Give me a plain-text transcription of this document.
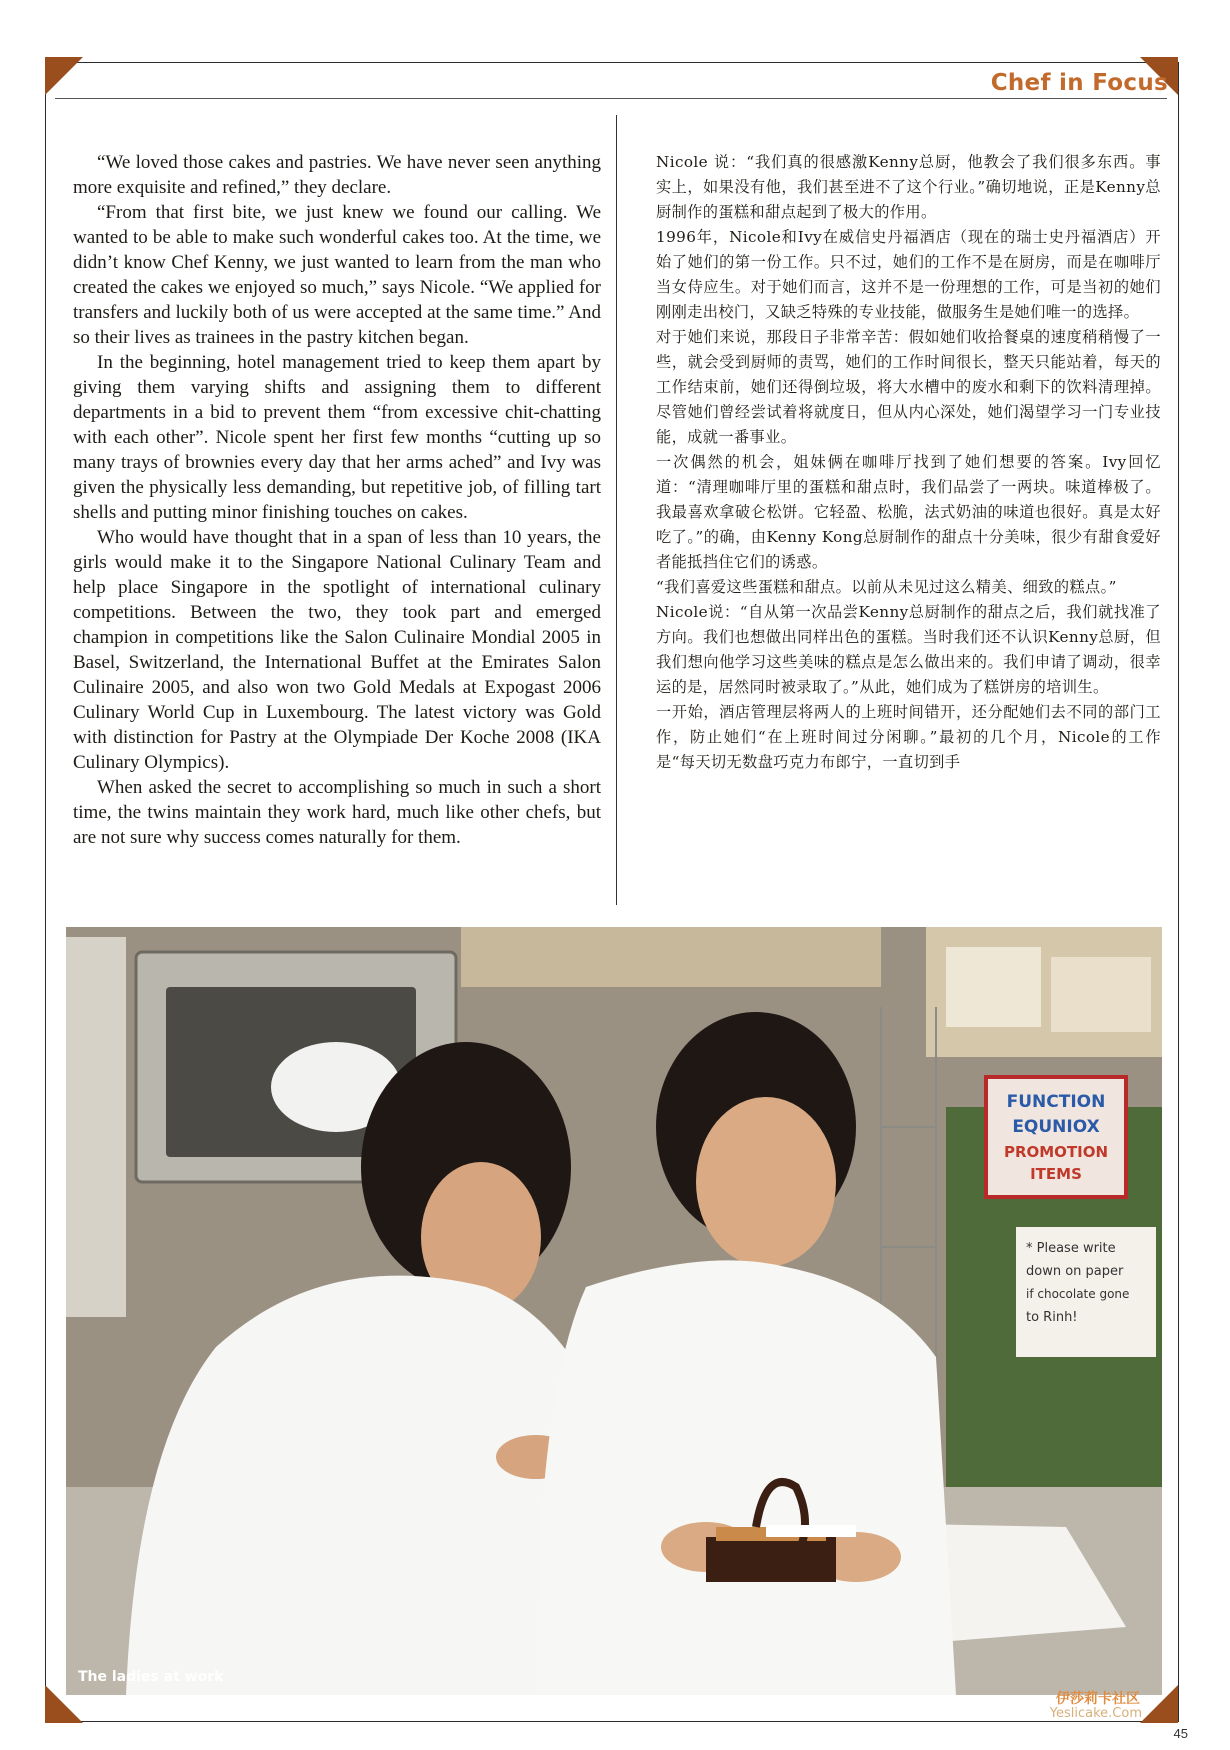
Chef in Focus

“We loved those cakes and pastries. We have never seen anything more exquisite and refined,” they declare.

“From that first bite, we just knew we found our calling. We wanted to be able to make such wonderful cakes too. At the time, we didn’t know Chef Kenny, we just wanted to learn from the man who created the cakes we enjoyed so much,” says Nicole. “We applied for transfers and luckily both of us were accepted at the same time.” And so their lives as trainees in the pastry kitchen began.

In the beginning, hotel management tried to keep them apart by giving them varying shifts and assigning them to different departments in a bid to prevent them “from excessive chit-chatting with each other”. Nicole spent her first few months “cutting up so many trays of brownies every day that her arms ached” and Ivy was given the physically less demanding, but repetitive job, of filling tart shells and putting minor finishing touches on cakes.

Who would have thought that in a span of less than 10 years, the girls would make it to the Singapore National Culinary Team and help place Singapore in the spotlight of international culinary competitions. Between the two, they took part and emerged champion in competitions like the Salon Culinaire Mondial 2005 in Basel, Switzerland, the International Buffet at the Emirates Salon Culinaire 2005, and also won two Gold Medals at Expogast 2006 Culinary World Cup in Luxembourg. The latest victory was Gold with distinction for Pastry at the Olympiade Der Koche 2008 (IKA Culinary Olympics).

When asked the secret to accomplishing so much in such a short time, the twins maintain they work hard, much like other chefs, but are not sure why success comes naturally for them.

Nicole 说：“我们真的很感激Kenny总厨，他教会了我们很多东西。事实上，如果没有他，我们甚至进不了这个行业。”确切地说，正是Kenny总厨制作的蛋糕和甜点起到了极大的作用。

1996年，Nicole和Ivy在威信史丹福酒店（现在的瑞士史丹福酒店）开始了她们的第一份工作。只不过，她们的工作不是在厨房，而是在咖啡厅当女侍应生。对于她们而言，这并不是一份理想的工作，可是当初的她们刚刚走出校门，又缺乏特殊的专业技能，做服务生是她们唯一的选择。

对于她们来说，那段日子非常辛苦：假如她们收拾餐桌的速度稍稍慢了一些，就会受到厨师的责骂，她们的工作时间很长，整天只能站着，每天的工作结束前，她们还得倒垃圾，将大水槽中的废水和剩下的饮料清理掉。尽管她们曾经尝试着将就度日，但从内心深处，她们渴望学习一门专业技能，成就一番事业。

一次偶然的机会，姐妹俩在咖啡厅找到了她们想要的答案。Ivy回忆道：“清理咖啡厅里的蛋糕和甜点时，我们品尝了一两块。味道棒极了。我最喜欢拿破仑松饼。它轻盈、松脆，法式奶油的味道也很好。真是太好吃了。”的确，由Kenny Kong总厨制作的甜点十分美味，很少有甜食爱好者能抵挡住它们的诱惑。

“我们喜爱这些蛋糕和甜点。以前从未见过这么精美、细致的糕点。”

Nicole说：“自从第一次品尝Kenny总厨制作的甜点之后，我们就找准了方向。我们也想做出同样出色的蛋糕。当时我们还不认识Kenny总厨，但我们想向他学习这些美味的糕点是怎么做出来的。我们申请了调动，很幸运的是，居然同时被录取了。”从此，她们成为了糕饼房的培训生。

一开始，酒店管理层将两人的上班时间错开，还分配她们去不同的部门工作，防止她们“在上班时间过分闲聊。”最初的几个月，Nicole的工作是“每天切无数盘巧克力布郎宁，一直切到手

FUNCTION
EQUNIOX
PROMOTION
ITEMS
* Please write
down on paper
if chocolate gone
to Rinh!
The ladies at work
伊莎莉卡社区
Yeslicake.Com
45
